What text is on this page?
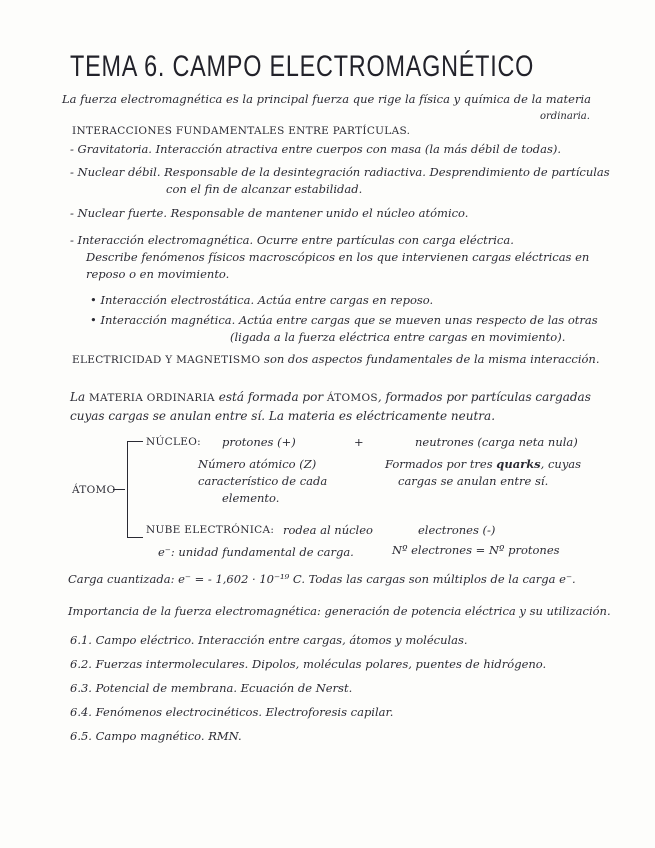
TEMA 6. CAMPO ELECTROMAGNÉTICO
La fuerza electromagnética es la principal fuerza que rige la física y química de la materia
ordinaria.
INTERACCIONES FUNDAMENTALES ENTRE PARTÍCULAS.
- Gravitatoria. Interacción atractiva entre cuerpos con masa (la más débil de todas).
- Nuclear débil. Responsable de la desintegración radiactiva. Desprendimiento de partículas
con el fin de alcanzar estabilidad.
- Nuclear fuerte. Responsable de mantener unido el núcleo atómico.
- Interacción electromagnética. Ocurre entre partículas con carga eléctrica.
Describe fenómenos físicos macroscópicos en los que intervienen cargas eléctricas en
reposo o en movimiento.
• Interacción electrostática. Actúa entre cargas en reposo.
• Interacción magnética. Actúa entre cargas que se mueven unas respecto de las otras
(ligada a la fuerza eléctrica entre cargas en movimiento).
ELECTRICIDAD Y MAGNETISMO son dos aspectos fundamentales de la misma interacción.
La MATERIA ORDINARIA está formada por ÁTOMOS, formados por partículas cargadas
cuyas cargas se anulan entre sí. La materia es eléctricamente neutra.
ÁTOMO
NÚCLEO: protones (+)	+	neutrones (carga neta nula)
Número atómico (Z)
característico de cada
elemento.
Formados por tres quarks, cuyas
cargas se anulan entre sí.
NUBE ELECTRÓNICA: rodea al núcleo	electrones (-)
e⁻: unidad fundamental de carga.	Nº electrones = Nº protones
Carga cuantizada: e⁻ = - 1,602 · 10⁻¹⁹ C. Todas las cargas son múltiplos de la carga e⁻.
Importancia de la fuerza electromagnética: generación de potencia eléctrica y su utilización.
6.1. Campo eléctrico. Interacción entre cargas, átomos y moléculas.
6.2. Fuerzas intermoleculares. Dipolos, moléculas polares, puentes de hidrógeno.
6.3. Potencial de membrana. Ecuación de Nerst.
6.4. Fenómenos electrocinéticos. Electroforesis capilar.
6.5. Campo magnético. RMN.
